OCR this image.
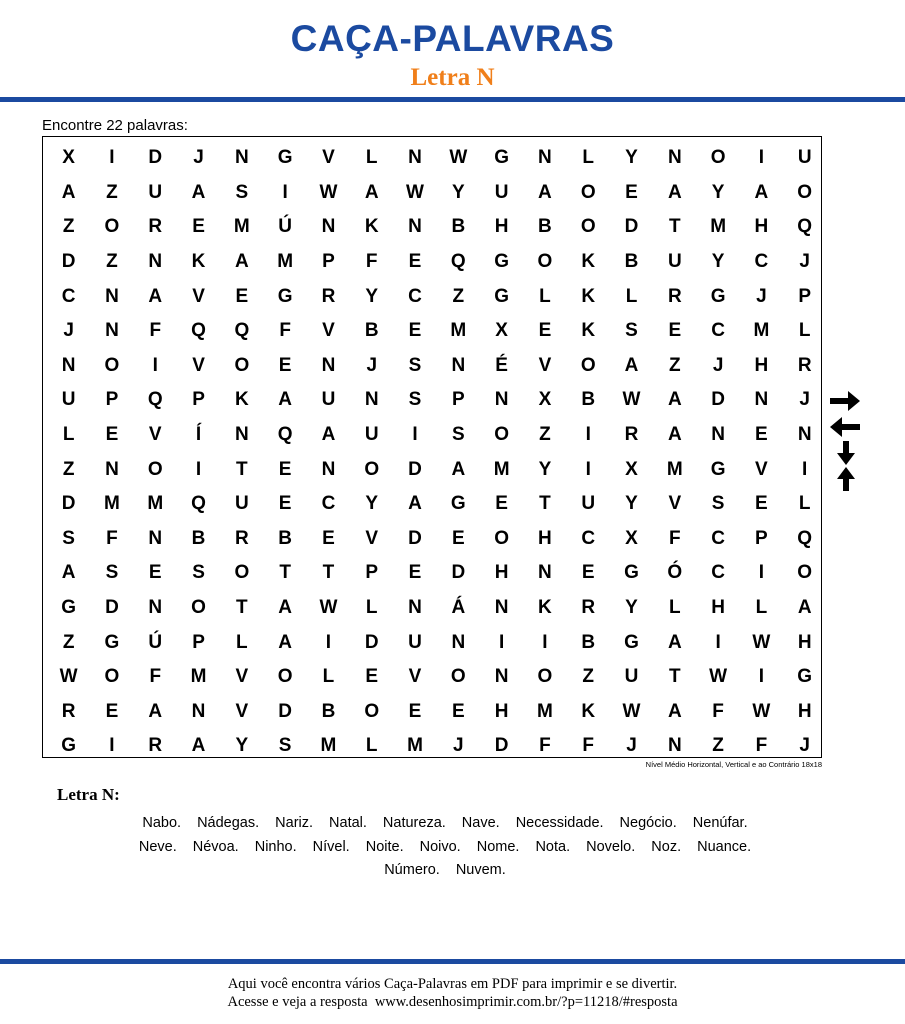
CAÇA-PALAVRAS
Letra N
Encontre 22 palavras:
X	I	D	J	N	G	V	L	N	W	G	N	L	Y	N	O	I	U
A	Z	U	A	S	I	W	A	W	Y	U	A	O	E	A	Y	A	O
Z	O	R	E	M	Ú	N	K	N	B	H	B	O	D	T	M	H	Q
D	Z	N	K	A	M	P	F	E	Q	G	O	K	B	U	Y	C	J
C	N	A	V	E	G	R	Y	C	Z	G	L	K	L	R	G	J	P
J	N	F	Q	Q	F	V	B	E	M	X	E	K	S	E	C	M	L
N	O	I	V	O	E	N	J	S	N	É	V	O	A	Z	J	H	R
U	P	Q	P	K	A	U	N	S	P	N	X	B	W	A	D	N	J
L	E	V	Í	N	Q	A	U	I	S	O	Z	I	R	A	N	E	N
Z	N	O	I	T	E	N	O	D	A	M	Y	I	X	M	G	V	I
D	M	M	Q	U	E	C	Y	A	G	E	T	U	Y	V	S	E	L
S	F	N	B	R	B	E	V	D	E	O	H	C	X	F	C	P	Q
A	S	E	S	O	T	T	P	E	D	H	N	E	G	Ó	C	I	O
G	D	N	O	T	A	W	L	N	Á	N	K	R	Y	L	H	L	A
Z	G	Ú	P	L	A	I	D	U	N	I	I	B	G	A	I	W	H
W	O	F	M	V	O	L	E	V	O	N	O	Z	U	T	W	I	G
R	E	A	N	V	D	B	O	E	E	H	M	K	W	A	F	W	H
G	I	R	A	Y	S	M	L	M	J	D	F	F	J	N	Z	F	J
Nível Médio Horizontal, Vertical e ao Contrário 18x18
Letra N:
Nabo. Nádegas. Nariz. Natal. Natureza. Nave. Necessidade. Negócio. Nenúfar.
Neve. Névoa. Ninho. Nível. Noite. Noivo. Nome. Nota. Novelo. Noz. Nuance.
Número. Nuvem.
Aqui você encontra vários Caça-Palavras em PDF para imprimir e se divertir.
Acesse e veja a resposta  www.desenhosimprimir.com.br/?p=11218/#resposta
